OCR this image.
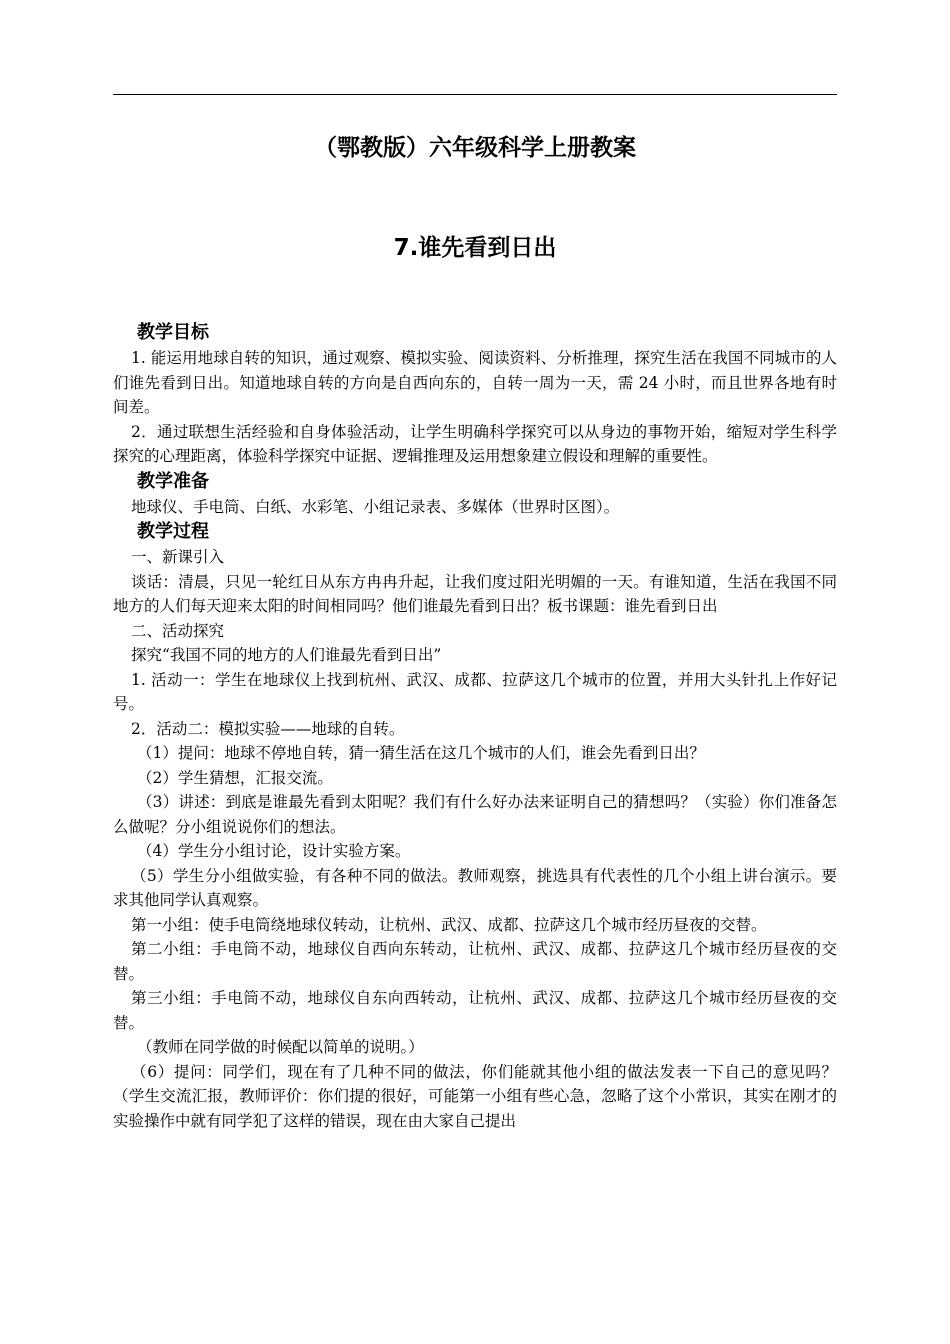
（鄂教版）六年级科学上册教案
7.谁先看到日出
教学目标

1. 能运用地球自转的知识，通过观察、模拟实验、阅读资料、分析推理，探究生活在我国不同城市的人们谁先看到日出。知道地球自转的方向是自西向东的，自转一周为一天，需 24 小时，而且世界各地有时间差。

2．通过联想生活经验和自身体验活动，让学生明确科学探究可以从身边的事物开始，缩短对学生科学探究的心理距离，体验科学探究中证据、逻辑推理及运用想象建立假设和理解的重要性。

教学准备

地球仪、手电筒、白纸、水彩笔、小组记录表、多媒体（世界时区图）。

教学过程

一、新课引入

谈话：清晨，只见一轮红日从东方冉冉升起，让我们度过阳光明媚的一天。有谁知道，生活在我国不同地方的人们每天迎来太阳的时间相同吗？他们谁最先看到日出？板书课题：谁先看到日出

二、活动探究

探究“我国不同的地方的人们谁最先看到日出”

1. 活动一：学生在地球仪上找到杭州、武汉、成都、拉萨这几个城市的位置，并用大头针扎上作好记号。

2．活动二：模拟实验——地球的自转。

（1）提问：地球不停地自转，猜一猜生活在这几个城市的人们，谁会先看到日出？

（2）学生猜想，汇报交流。

（3）讲述：到底是谁最先看到太阳呢？我们有什么好办法来证明自己的猜想吗？（实验）你们准备怎么做呢？分小组说说你们的想法。

（4）学生分小组讨论，设计实验方案。

（5）学生分小组做实验，有各种不同的做法。教师观察，挑选具有代表性的几个小组上讲台演示。要求其他同学认真观察。

第一小组：使手电筒绕地球仪转动，让杭州、武汉、成都、拉萨这几个城市经历昼夜的交替。

第二小组：手电筒不动，地球仪自西向东转动，让杭州、武汉、成都、拉萨这几个城市经历昼夜的交替。

第三小组：手电筒不动，地球仪自东向西转动，让杭州、武汉、成都、拉萨这几个城市经历昼夜的交替。

（教师在同学做的时候配以简单的说明。）

（6）提问：同学们，现在有了几种不同的做法，你们能就其他小组的做法发表一下自己的意见吗？（学生交流汇报，教师评价：你们提的很好，可能第一小组有些心急，忽略了这个小常识，其实在刚才的实验操作中就有同学犯了这样的错误，现在由大家自己提出
